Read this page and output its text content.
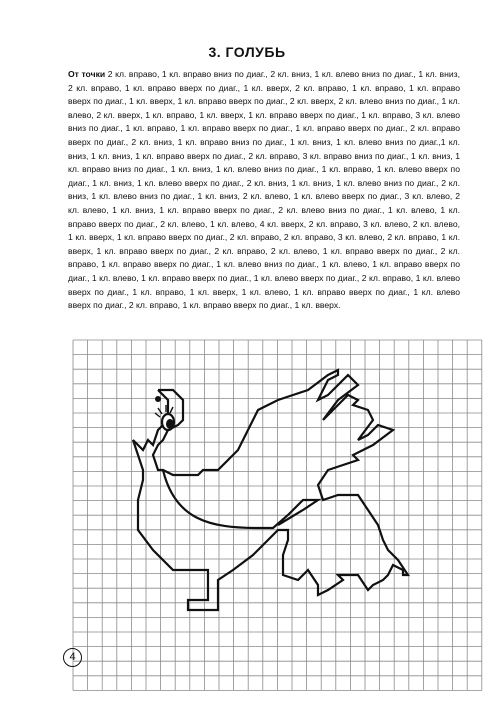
3. ГОЛУБЬ
От точки 2 кл. вправо, 1 кл. вправо вниз по диаг., 2 кл. вниз, 1 кл. влево вниз по диаг., 1 кл. вниз, 2 кл. вправо, 1 кл. вправо вверх по диаг., 1 кл. вверх, 2 кл. вправо, 1 кл. вправо, 1 кл. вправо вверх по диаг., 1 кл. вверх, 1 кл. вправо вверх по диаг., 2 кл. вверх, 2 кл. влево вниз по диаг., 1 кл. влево, 2 кл. вверх, 1 кл. вправо, 1 кл. вверх, 1 кл. вправо вверх по диаг., 1 кл. вправо, 3 кл. влево вниз по диаг., 1 кл. вправо, 1 кл. вправо вверх по диаг., 1 кл. вправо вверх по диаг., 2 кл. вправо вверх по диаг., 2 кл. вниз, 1 кл. вправо вниз по диаг., 1 кл. вниз, 1 кл. влево вниз по диаг.,1 кл. вниз, 1 кл. вниз, 1 кл. вправо вверх по диаг., 2 кл. вправо, 3 кл. вправо вниз по диаг., 1 кл. вниз, 1 кл. вправо вниз по диаг., 1 кл. вниз, 1 кл. влево вниз по диаг., 1 кл. вправо, 1 кл. влево вверх по диаг., 1 кл. вниз, 1 кл. влево вверх по диаг., 2 кл. вниз, 1 кл. вниз, 1 кл. влево вниз по диаг., 2 кл. вниз, 1 кл. влево вниз по диаг., 1 кл. вниз, 2 кл. влево, 1 кл. влево вверх по диаг., 3 кл. влево, 2 кл. влево, 1 кл. вниз, 1 кл. вправо вверх по диаг., 2 кл. влево вниз по диаг., 1 кл. влево, 1 кл. вправо вверх по диаг., 2 кл. влево, 1 кл. влево, 4 кл. вверх, 2 кл. вправо, 3 кл. влево, 2 кл. влево, 1 кл. вверх, 1 кл. вправо вверх по диаг., 2 кл. вправо, 2 кл. вправо, 3 кл. влево, 2 кл. вправо, 1 кл. вверх, 1 кл. вправо вверх по диаг., 2 кл. вправо, 2 кл. влево, 1 кл. вправо вверх по диаг., 2 кл. вправо, 1 кл. вправо вверх по диаг., 1 кл. влево вниз по диаг., 1 кл. влево, 1 кл. вправо вверх по диаг., 1 кл. влево, 1 кл. вправо вверх по диаг., 1 кл. влево вверх по диаг., 2 кл. вправо, 1 кл. влево вверх по диаг., 1 кл. вправо, 1 кл. вверх, 1 кл. влево, 1 кл. вправо вверх по диаг., 1 кл. влево вверх по диаг., 2 кл. вправо, 1 кл. вправо вверх по диаг., 1 кл. вверх.
4
